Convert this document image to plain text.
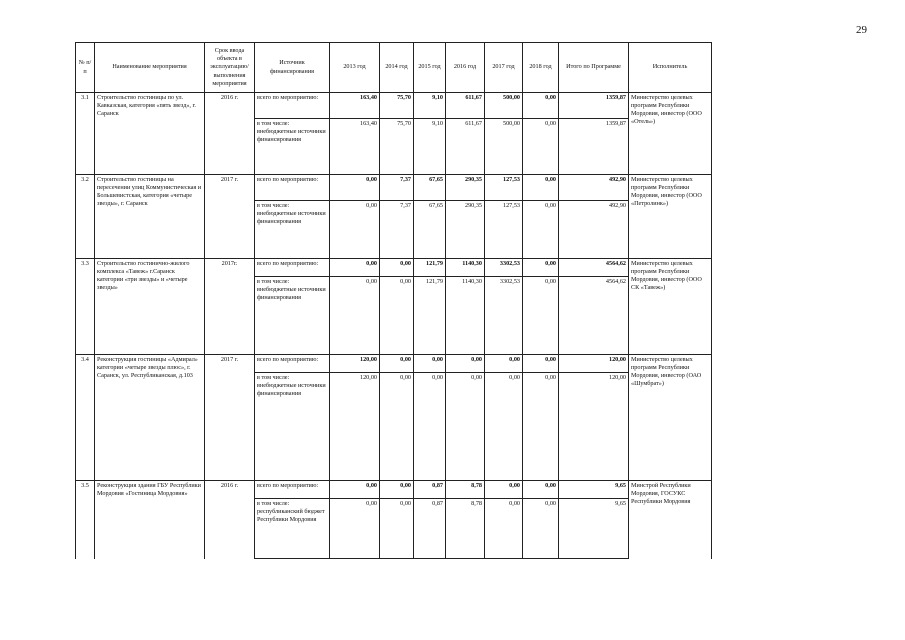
29
№ п/п	Наименование мероприятия	Срок ввода объекта в эксплуатацию/ выполнения мероприятия	Источник финансирования	2013 год	2014 год	2015 год	2016 год	2017 год	2018 год	Итого по Программе	Исполнитель
3.1	Строительство гостиницы по ул. Кавказская, категория «пять звезд», г. Саранск	2016 г.	всего по мероприятию:	163,40	75,70	9,10	611,67	500,00	0,00	1359,87	Министерство целевых программ Республики Мордовия, инвестор (ООО «Отель»)
			в том числе: внебюджетные источники финансирования	163,40	75,70	9,10	611,67	500,00	0,00	1359,87	
3.2	Строительство гостиницы на пересечении улиц Коммунистическая и Большевистская, категория «четыре звезды», г. Саранск	2017 г.	всего по мероприятию:	0,00	7,37	67,65	290,35	127,53	0,00	492,90	Министерство целевых программ Республики Мордовия, инвестор (ООО «Петролинк»)
			в том числе: внебюджетные источники финансирования	0,00	7,37	67,65	290,35	127,53	0,00	492,90	
3.3	Строительство гостинично-жилого комплекса «Тавеж» г.Саранск категории «три звезды» и «четыре звезды»	2017г.	всего по мероприятию:	0,00	0,00	121,79	1140,30	3302,53	0,00	4564,62	Министерство целевых программ Республики Мордовия, инвестор (ООО СК «Тавеж»)
			в том числе: внебюджетные источники финансирования	0,00	0,00	121,79	1140,30	3302,53	0,00	4564,62	
3.4	Реконструкция гостиницы «Адмирал» категории «четыре звезды плюс», г. Саранск, ул. Республиканская, д.103	2017 г.	всего по мероприятию:	120,00	0,00	0,00	0,00	0,00	0,00	120,00	Министерство целевых программ Республики Мордовия, инвестор (ОАО «Шумбрат»)
			в том числе: внебюджетные источники финансирования	120,00	0,00	0,00	0,00	0,00	0,00	120,00	
3.5	Реконструкция здания ГБУ Республики Мордовия «Гостиница Мордовия»	2016 г.	всего по мероприятию:	0,00	0,00	0,87	8,78	0,00	0,00	9,65	Минстрой Республики Мордовия, ГОСУКС Республики Мордовия
			в том числе: республиканский бюджет Республики Мордовия	0,00	0,00	0,87	8,78	0,00	0,00	9,65	
